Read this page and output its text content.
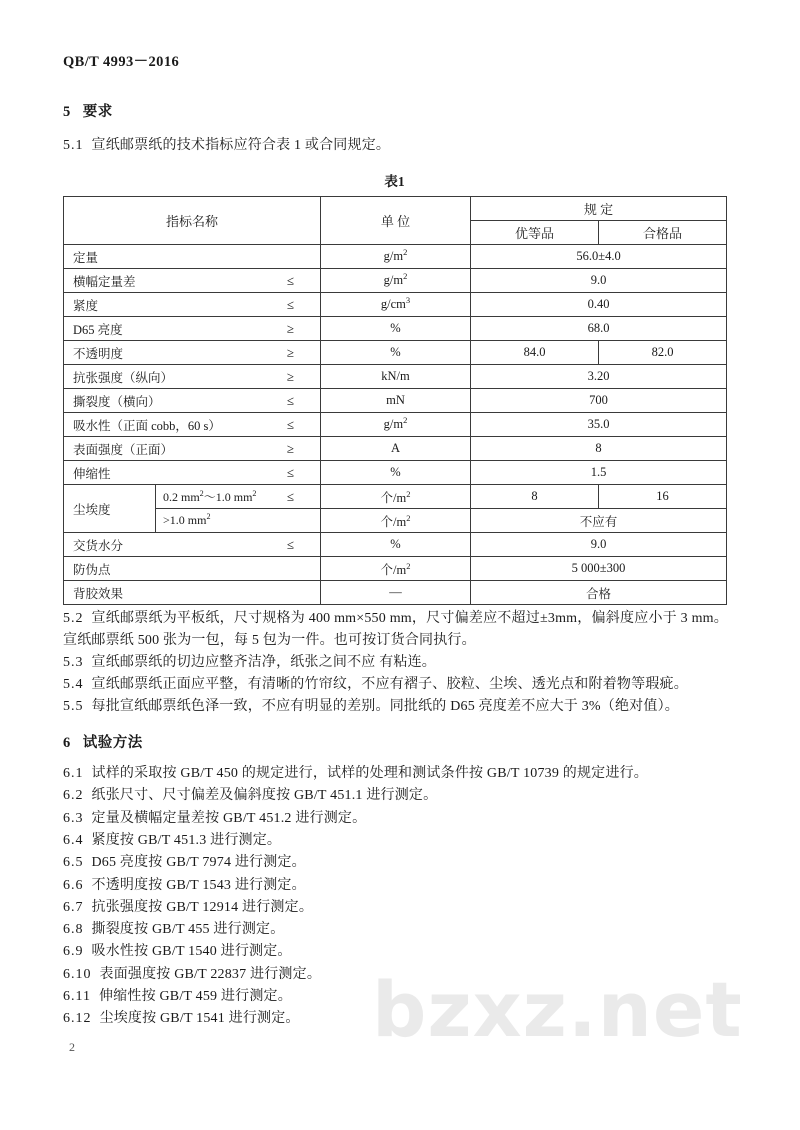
bzxz.net
QB/T 4993－2016
5 要求
5.1 宣纸邮票纸的技术指标应符合表 1 或合同规定。
表1
指标名称		单 位	规 定	
			优等品	合格品
定量		$g/m^2$	56.0±4.0	
横幅定量差 ≤		$g/m^2$	9.0	
紧度 ≤		$g/cm^3$	0.40	
D65 亮度 ≥		%	68.0	
不透明度 ≥		%	84.0	82.0
抗张强度（纵向） ≥		kN/m	3.20	
撕裂度（横向） ≤		mN	700	
吸水性（正面 cobb，60 s） ≤		$g/m^2$	35.0	
表面强度（正面） ≥		A	8	
伸缩性 ≤		%	1.5	
尘埃度	0.2 $mm^2\sim 1.0$ $mm^2$ ≤	个$/m^2$	8	16
	>1.0 $mm^2$	个$/m^2$	不应有	
交货水分 ≤		%	9.0	
防伪点		个$/m^2$	5 000±300	
背胶效果		—	合格	
5.2 宣纸邮票纸为平板纸，尺寸规格为 400 mm×550 mm，尺寸偏差应不超过±3mm，偏斜度应小于 3 mm。宣纸邮票纸 500 张为一包，每 5 包为一件。也可按订货合同执行。
5.3 宣纸邮票纸的切边应整齐洁净，纸张之间不应 有粘连。
5.4 宣纸邮票纸正面应平整，有清晰的竹帘纹，不应有褶子、胶粒、尘埃、透光点和附着物等瑕疵。
5.5 每批宣纸邮票纸色泽一致，不应有明显的差别。同批纸的 D65 亮度差不应大于 3%（绝对值）。
6 试验方法
6.1 试样的采取按 GB/T 450 的规定进行，试样的处理和测试条件按 GB/T 10739 的规定进行。
6.2 纸张尺寸、尺寸偏差及偏斜度按 GB/T 451.1 进行测定。
6.3 定量及横幅定量差按 GB/T 451.2 进行测定。
6.4 紧度按 GB/T 451.3 进行测定。
6.5 D65 亮度按 GB/T 7974 进行测定。
6.6 不透明度按 GB/T 1543 进行测定。
6.7 抗张强度按 GB/T 12914 进行测定。
6.8 撕裂度按 GB/T 455 进行测定。
6.9 吸水性按 GB/T 1540 进行测定。
6.10 表面强度按 GB/T 22837 进行测定。
6.11 伸缩性按 GB/T 459 进行测定。
6.12 尘埃度按 GB/T 1541 进行测定。
2
